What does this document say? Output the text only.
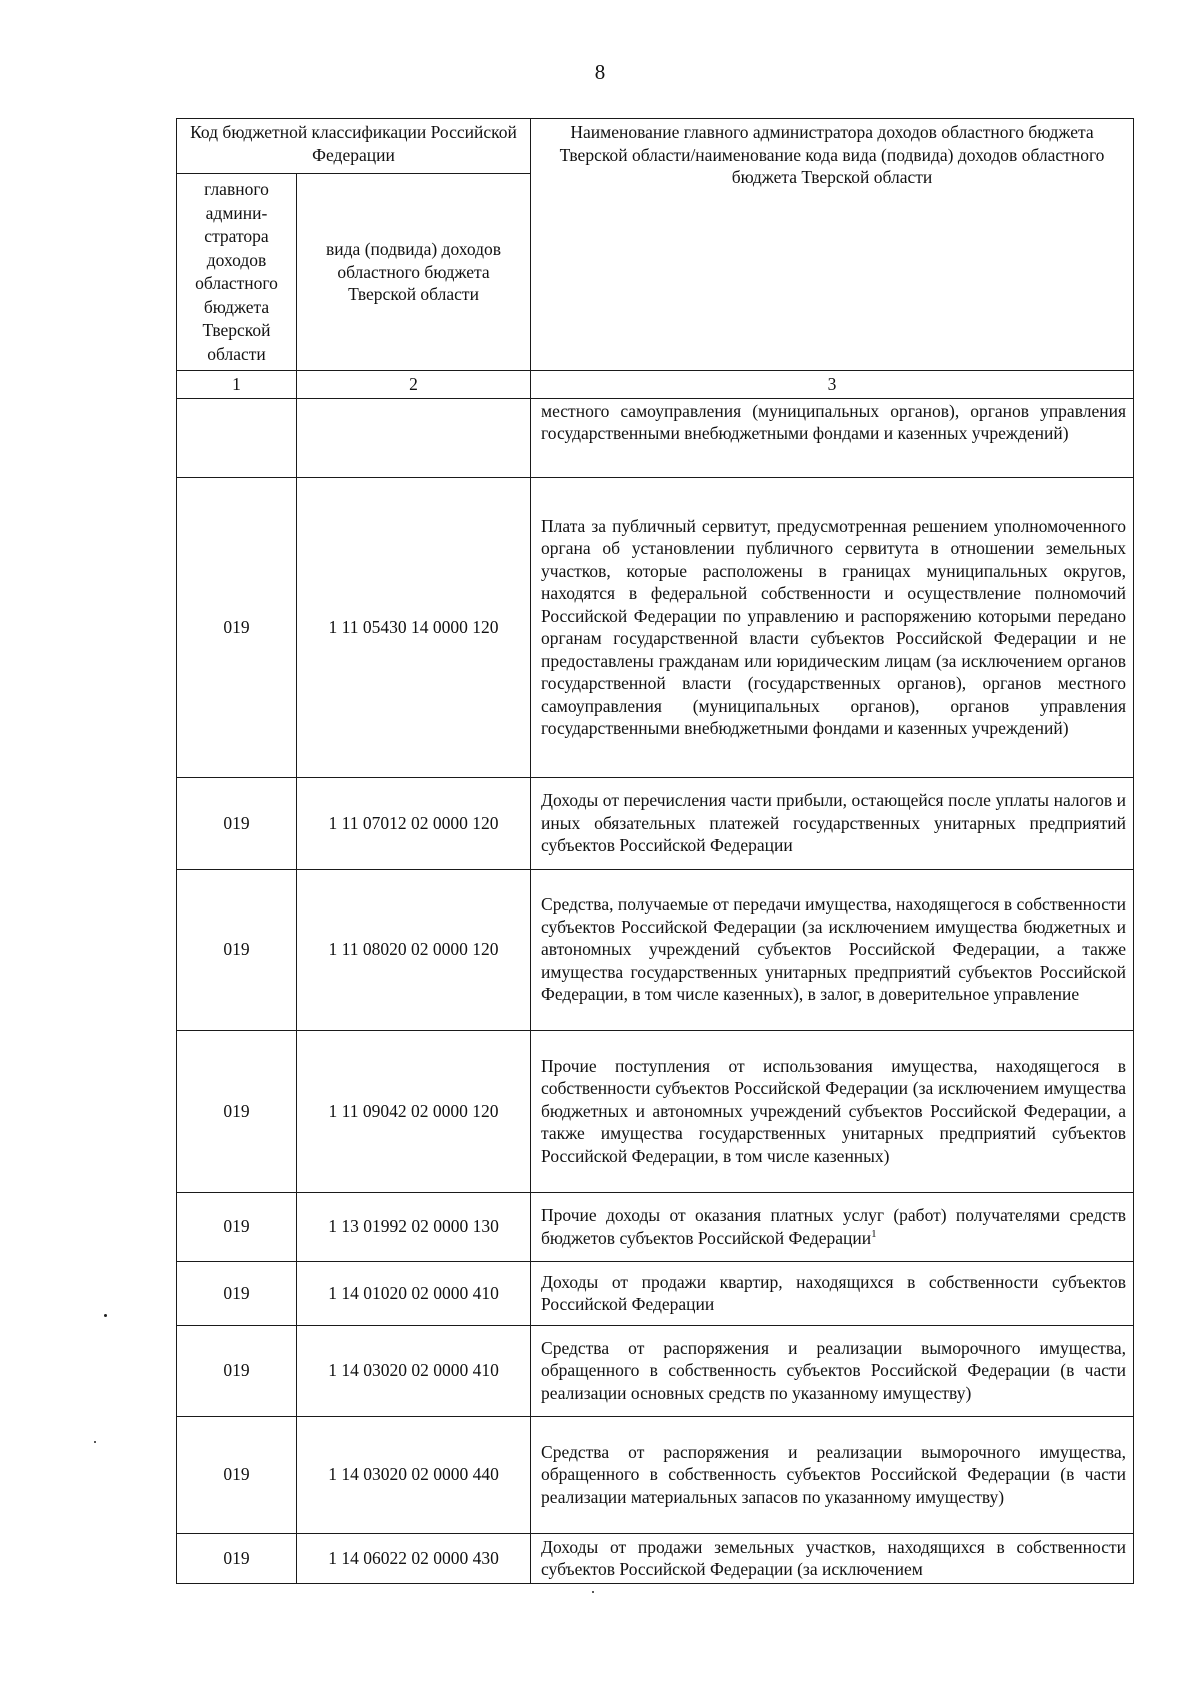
8
Код бюджетной классификации Российской Федерации		Наименование главного администратора доходов областного бюджета Тверской области/наименование кода вида (подвида) доходов областного бюджета Тверской области
главного админи-стратора доходов областного бюджета Тверской области	вида (подвида) доходов областного бюджета Тверской области	
1	2	3
		местного самоуправления (муниципальных органов), органов управления государственными внебюджетными фондами и казенных учреждений)
019	1 11 05430 14 0000 120	Плата за публичный сервитут, предусмотренная решением уполномоченного органа об установлении публичного сервитута в отношении земельных участков, которые расположены в границах муниципальных округов, находятся в федеральной собственности и осуществление полномочий Российской Федерации по управлению и распоряжению которыми передано органам государственной власти субъектов Российской Федерации и не предоставлены гражданам или юридическим лицам (за исключением органов государственной власти (государственных органов), органов местного самоуправления (муниципальных органов), органов управления государственными внебюджетными фондами и казенных учреждений)
019	1 11 07012 02 0000 120	Доходы от перечисления части прибыли, остающейся после уплаты налогов и иных обязательных платежей государственных унитарных предприятий субъектов Российской Федерации
019	1 11 08020 02 0000 120	Средства, получаемые от передачи имущества, находящегося в собственности субъектов Российской Федерации (за исключением имущества бюджетных и автономных учреждений субъектов Российской Федерации, а также имущества государственных унитарных предприятий субъектов Российской Федерации, в том числе казенных), в залог, в доверительное управление
019	1 11 09042 02 0000 120	Прочие поступления от использования имущества, находящегося в собственности субъектов Российской Федерации (за исключением имущества бюджетных и автономных учреждений субъектов Российской Федерации, а также имущества государственных унитарных предприятий субъектов Российской Федерации, в том числе казенных)
019	1 13 01992 02 0000 130	Прочие доходы от оказания платных услуг (работ) получателями средств бюджетов субъектов Российской Федерации$^1$
019	1 14 01020 02 0000 410	Доходы от продажи квартир, находящихся в собственности субъектов Российской Федерации
019	1 14 03020 02 0000 410	Средства от распоряжения и реализации выморочного имущества, обращенного в собственность субъектов Российской Федерации (в части реализации основных средств по указанному имуществу)
019	1 14 03020 02 0000 440	Средства от распоряжения и реализации выморочного имущества, обращенного в собственность субъектов Российской Федерации (в части реализации материальных запасов по указанному имуществу)
019	1 14 06022 02 0000 430	Доходы от продажи земельных участков, находящихся в собственности субъектов Российской Федерации (за исключением
